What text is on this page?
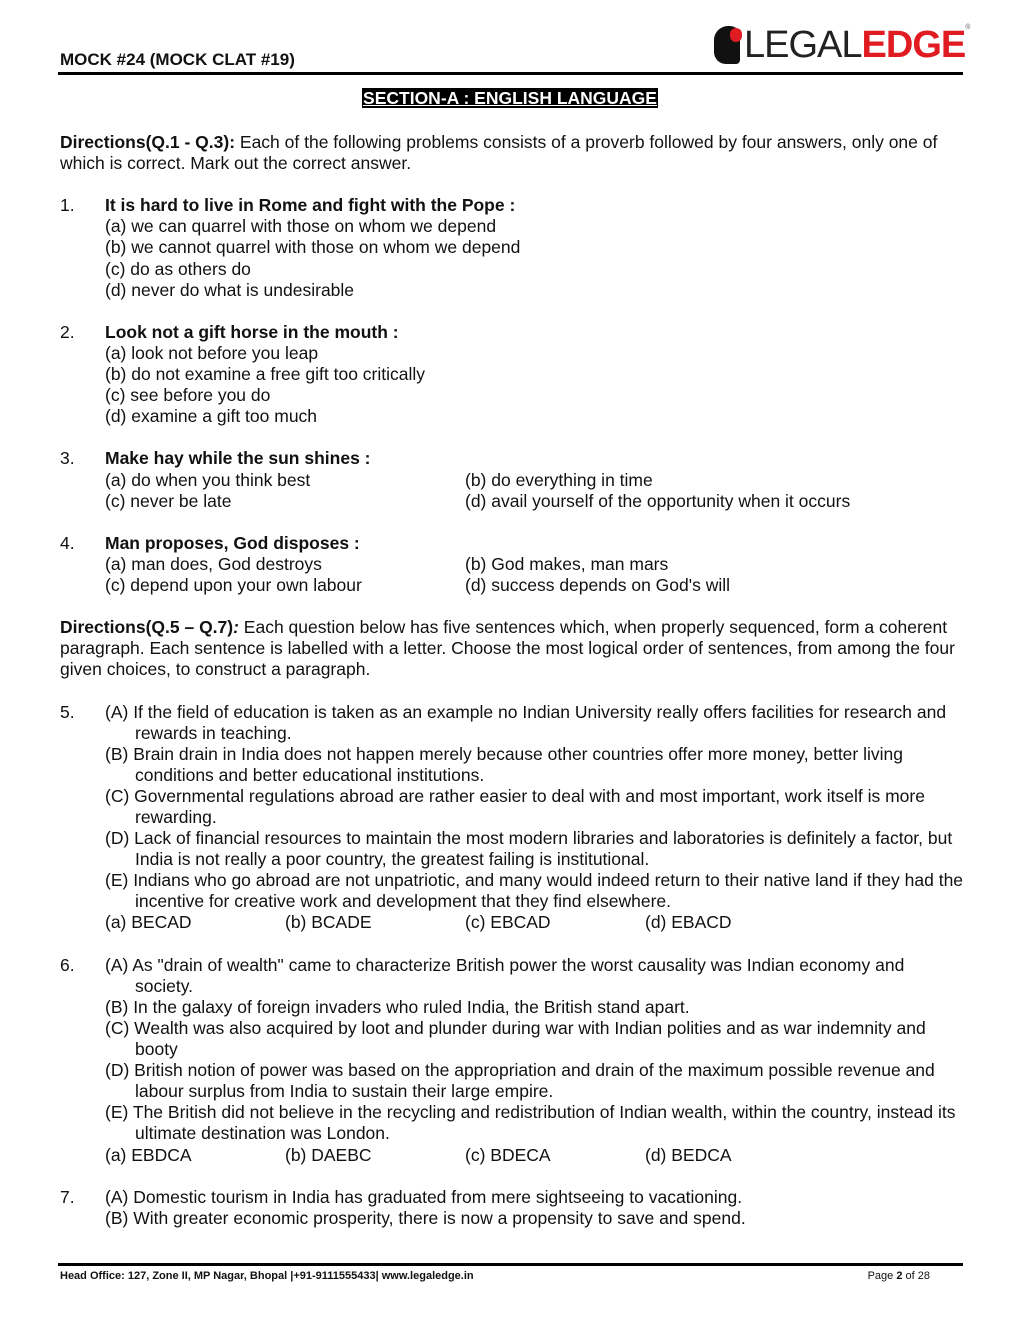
MOCK #24 (MOCK CLAT #19)	LEGALEDGE®
SECTION-A : ENGLISH LANGUAGE
Directions(Q.1 - Q.3): Each of the following problems consists of a proverb followed by four answers, only one of which is correct. Mark out the correct answer.
1.	It is hard to live in Rome and fight with the Pope :
(a) we can quarrel with those on whom we depend
(b) we cannot quarrel with those on whom we depend
(c) do as others do
(d) never do what is undesirable
2.	Look not a gift horse in the mouth :
(a) look not before you leap
(b) do not examine a free gift too critically
(c) see before you do
(d) examine a gift too much
3.	Make hay while the sun shines :
(a) do when you think best	(b) do everything in time
(c) never be late	(d) avail yourself of the opportunity when it occurs
4.	Man proposes, God disposes :
(a) man does, God destroys	(b) God makes, man mars
(c) depend upon your own labour	(d) success depends on God's will
Directions(Q.5 – Q.7): Each question below has five sentences which, when properly sequenced, form a coherent paragraph. Each sentence is labelled with a letter. Choose the most logical order of sentences, from among the four given choices, to construct a paragraph.
5.	(A) If the field of education is taken as an example no Indian University really offers facilities for research and rewards in teaching.
(B) Brain drain in India does not happen merely because other countries offer more money, better living conditions and better educational institutions.
(C) Governmental regulations abroad are rather easier to deal with and most important, work itself is more rewarding.
(D) Lack of financial resources to maintain the most modern libraries and laboratories is definitely a factor, but India is not really a poor country, the greatest failing is institutional.
(E) Indians who go abroad are not unpatriotic, and many would indeed return to their native land if they had the incentive for creative work and development that they find elsewhere.
(a) BECAD	(b) BCADE	(c) EBCAD	(d) EBACD
6.	(A) As "drain of wealth" came to characterize British power the worst causality was Indian economy and society.
(B) In the galaxy of foreign invaders who ruled India, the British stand apart.
(C) Wealth was also acquired by loot and plunder during war with Indian polities and as war indemnity and booty
(D) British notion of power was based on the appropriation and drain of the maximum possible revenue and labour surplus from India to sustain their large empire.
(E) The British did not believe in the recycling and redistribution of Indian wealth, within the country, instead its ultimate destination was London.
(a) EBDCA	(b) DAEBC	(c) BDECA	(d) BEDCA
7.	(A) Domestic tourism in India has graduated from mere sightseeing to vacationing.
(B) With greater economic prosperity, there is now a propensity to save and spend.
Head Office: 127, Zone II, MP Nagar, Bhopal |+91-9111555433| www.legaledge.in	Page 2 of 28
